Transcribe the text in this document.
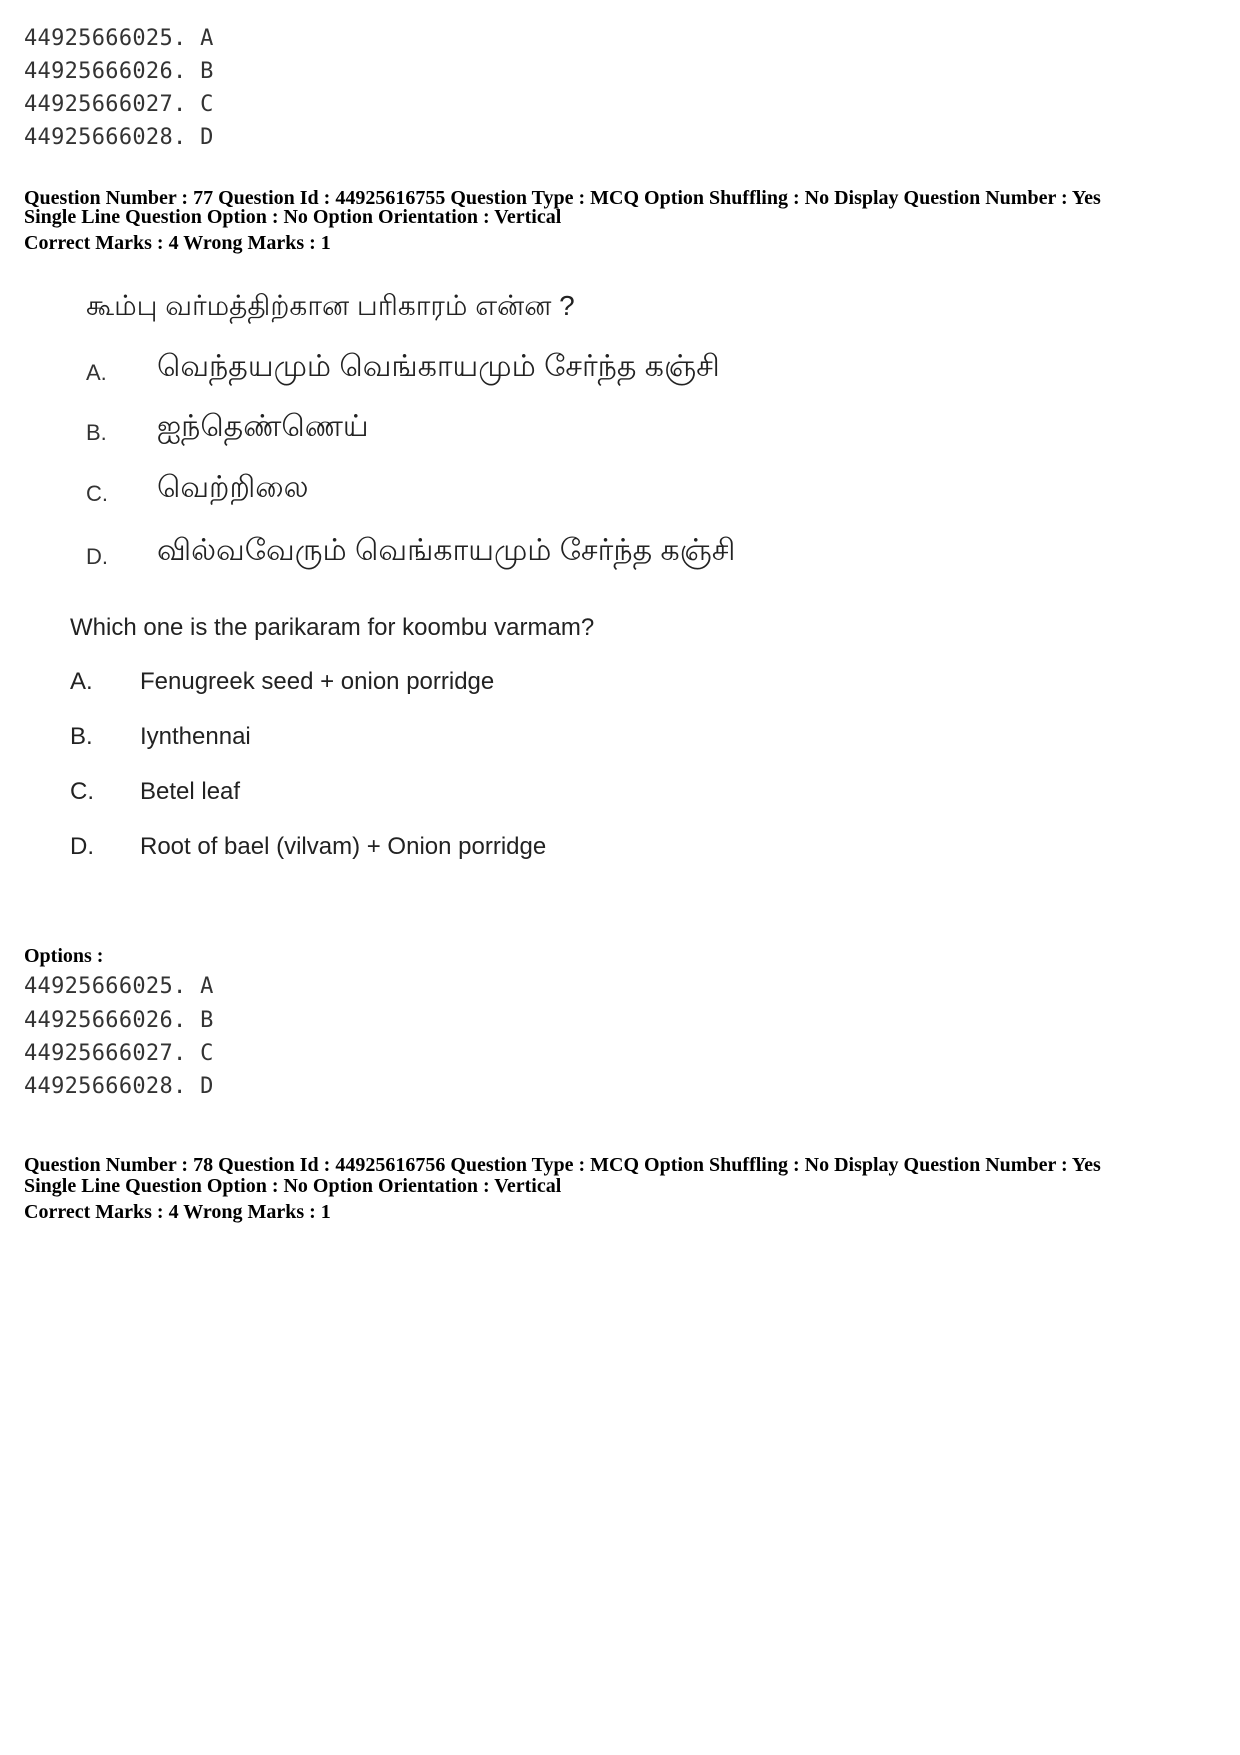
44925666025. A
44925666026. B
44925666027. C
44925666028. D
Question Number : 77 Question Id : 44925616755 Question Type : MCQ Option Shuffling : No Display Question Number : Yes
Single Line Question Option : No Option Orientation : Vertical
Correct Marks : 4 Wrong Marks : 1
கூம்பு வர்மத்திற்கான பரிகாரம் என்ன ?
A. வெந்தயமும் வெங்காயமும் சேர்ந்த கஞ்சி
B. ஐந்தெண்ணெய்
C. வெற்றிலை
D. வில்வவேரும் வெங்காயமும் சேர்ந்த கஞ்சி
Which one is the parikaram for koombu varmam?
A. Fenugreek seed + onion porridge
B. Iynthennai
C. Betel leaf
D. Root of bael (vilvam) + Onion porridge
Options :
44925666025. A
44925666026. B
44925666027. C
44925666028. D
Question Number : 78 Question Id : 44925616756 Question Type : MCQ Option Shuffling : No Display Question Number : Yes
Single Line Question Option : No Option Orientation : Vertical
Correct Marks : 4 Wrong Marks : 1
